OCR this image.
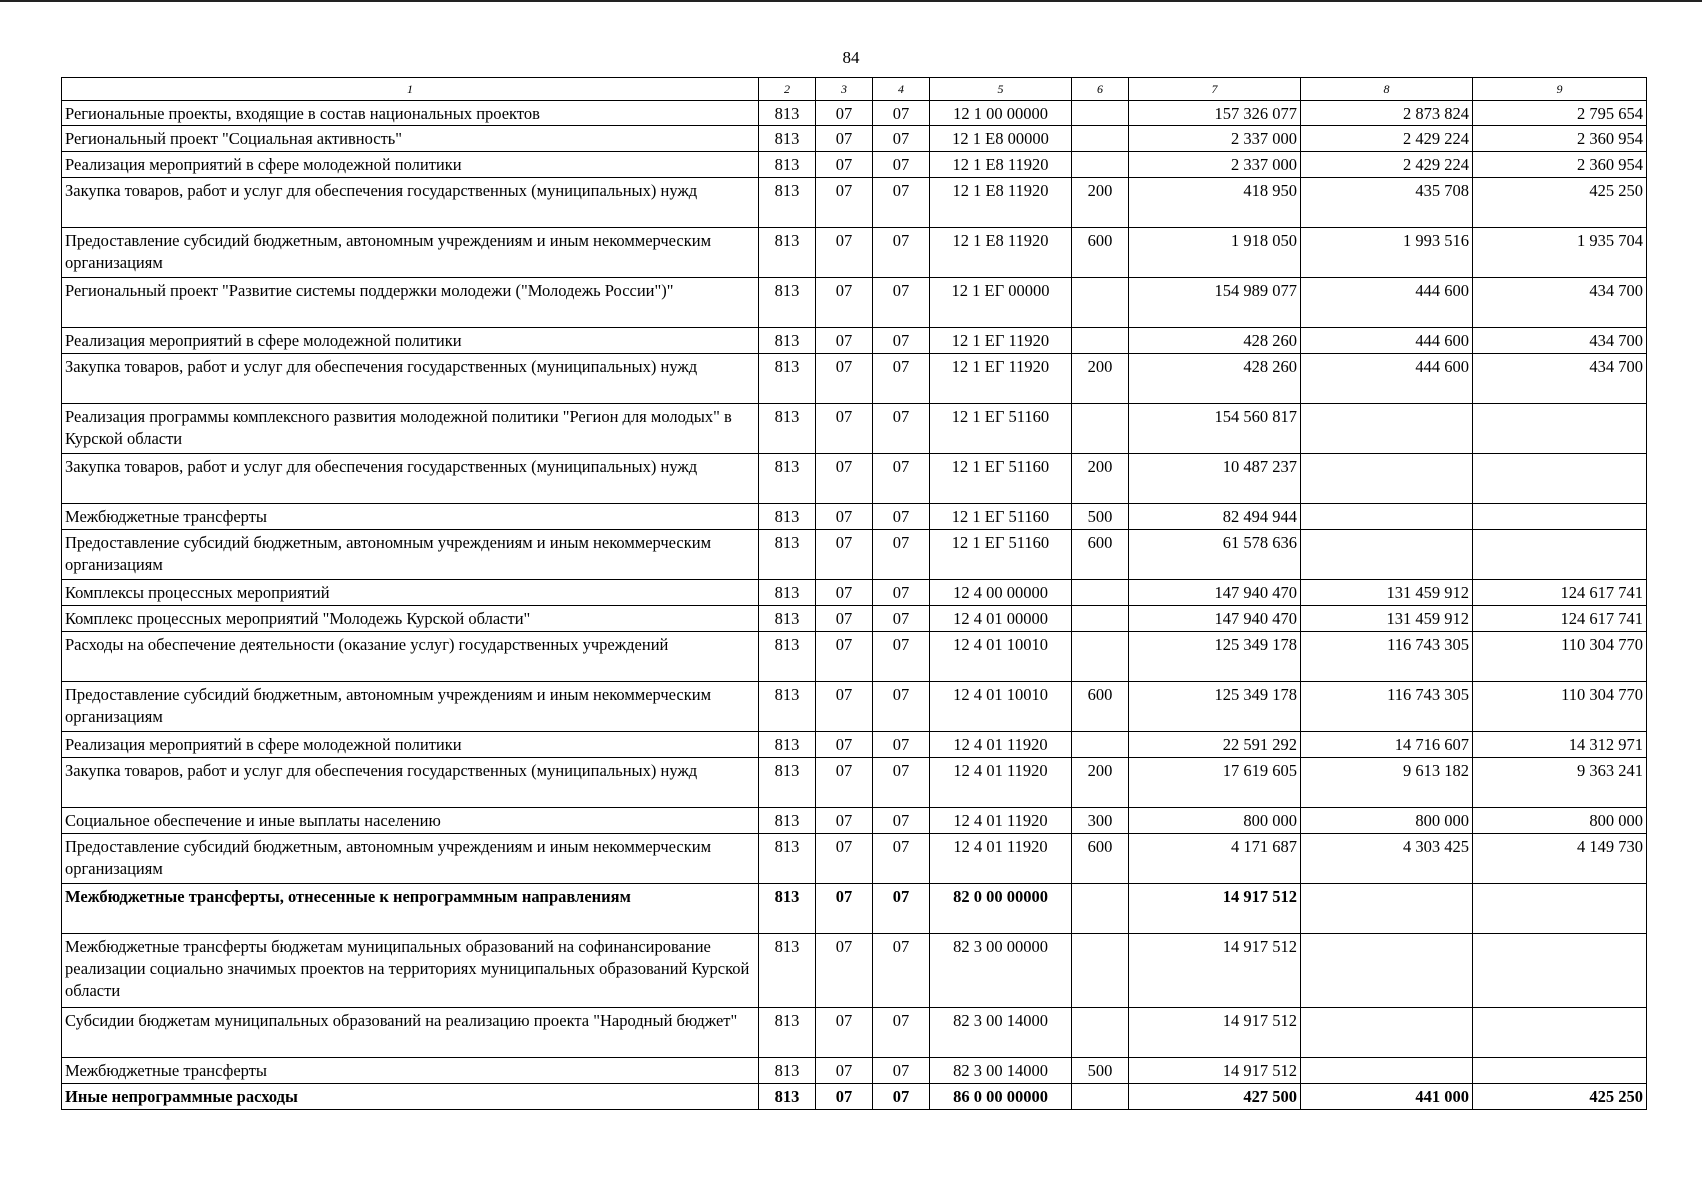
84
1	2	3	4	5	6	7	8	9
Региональные проекты, входящие в состав национальных проектов	813	07	07	12 1 00 00000		157 326 077	2 873 824	2 795 654
Региональный проект "Социальная активность"	813	07	07	12 1 E8 00000		2 337 000	2 429 224	2 360 954
Реализация мероприятий в сфере молодежной политики	813	07	07	12 1 E8 11920		2 337 000	2 429 224	2 360 954
Закупка товаров, работ и услуг для обеспечения государственных (муниципальных) нужд	813	07	07	12 1 E8 11920	200	418 950	435 708	425 250
Предоставление субсидий бюджетным, автономным учреждениям и иным некоммерческим организациям	813	07	07	12 1 E8 11920	600	1 918 050	1 993 516	1 935 704
Региональный проект "Развитие системы поддержки молодежи ("Молодежь России")"	813	07	07	12 1 ЕГ 00000		154 989 077	444 600	434 700
Реализация мероприятий в сфере молодежной политики	813	07	07	12 1 ЕГ 11920		428 260	444 600	434 700
Закупка товаров, работ и услуг для обеспечения государственных (муниципальных) нужд	813	07	07	12 1 ЕГ 11920	200	428 260	444 600	434 700
Реализация программы комплексного развития молодежной политики "Регион для молодых" в Курской области	813	07	07	12 1 ЕГ 51160		154 560 817		
Закупка товаров, работ и услуг для обеспечения государственных (муниципальных) нужд	813	07	07	12 1 ЕГ 51160	200	10 487 237		
Межбюджетные трансферты	813	07	07	12 1 ЕГ 51160	500	82 494 944		
Предоставление субсидий бюджетным, автономным учреждениям и иным некоммерческим организациям	813	07	07	12 1 ЕГ 51160	600	61 578 636		
Комплексы процессных мероприятий	813	07	07	12 4 00 00000		147 940 470	131 459 912	124 617 741
Комплекс процессных мероприятий "Молодежь Курской области"	813	07	07	12 4 01 00000		147 940 470	131 459 912	124 617 741
Расходы на обеспечение деятельности (оказание услуг) государственных учреждений	813	07	07	12 4 01 10010		125 349 178	116 743 305	110 304 770
Предоставление субсидий бюджетным, автономным учреждениям и иным некоммерческим организациям	813	07	07	12 4 01 10010	600	125 349 178	116 743 305	110 304 770
Реализация мероприятий в сфере молодежной политики	813	07	07	12 4 01 11920		22 591 292	14 716 607	14 312 971
Закупка товаров, работ и услуг для обеспечения государственных (муниципальных) нужд	813	07	07	12 4 01 11920	200	17 619 605	9 613 182	9 363 241
Социальное обеспечение и иные выплаты населению	813	07	07	12 4 01 11920	300	800 000	800 000	800 000
Предоставление субсидий бюджетным, автономным учреждениям и иным некоммерческим организациям	813	07	07	12 4 01 11920	600	4 171 687	4 303 425	4 149 730
Межбюджетные трансферты, отнесенные к непрограммным направлениям	813	07	07	82 0 00 00000		14 917 512		
Межбюджетные трансферты бюджетам муниципальных образований на софинансирование реализации социально значимых проектов на территориях муниципальных образований Курской области	813	07	07	82 3 00 00000		14 917 512		
Субсидии бюджетам муниципальных образований на реализацию проекта "Народный бюджет"	813	07	07	82 3 00 14000		14 917 512		
Межбюджетные трансферты	813	07	07	82 3 00 14000	500	14 917 512		
Иные непрограммные расходы	813	07	07	86 0 00 00000		427 500	441 000	425 250
